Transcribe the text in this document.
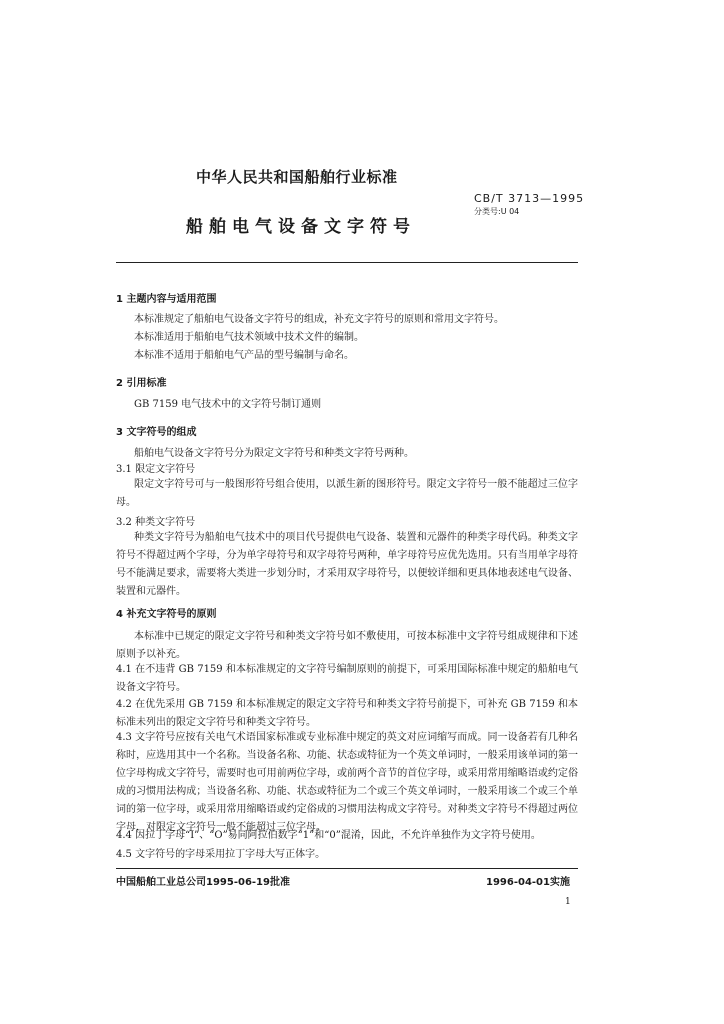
中华人民共和国船舶行业标准
CB/T 3713—1995
分类号:U 04
船舶电气设备文字符号
1 主题内容与适用范围
本标准规定了船舶电气设备文字符号的组成，补充文字符号的原则和常用文字符号。
本标准适用于船舶电气技术领域中技术文件的编制。
本标准不适用于船舶电气产品的型号编制与命名。
2 引用标准
GB 7159 电气技术中的文字符号制订通则
3 文字符号的组成
船舶电气设备文字符号分为限定文字符号和种类文字符号两种。
3.1 限定文字符号
限定文字符号可与一般图形符号组合使用，以派生新的图形符号。限定文字符号一般不能超过三位字母。
3.2 种类文字符号
种类文字符号为船舶电气技术中的项目代号提供电气设备、装置和元器件的种类字母代码。种类文字符号不得超过两个字母，分为单字母符号和双字母符号两种，单字母符号应优先选用。只有当用单字母符号不能满足要求，需要将大类进一步划分时，才采用双字母符号，以便较详细和更具体地表述电气设备、装置和元器件。
4 补充文字符号的原则
本标准中已规定的限定文字符号和种类文字符号如不敷使用，可按本标准中文字符号组成规律和下述原则予以补充。
4.1 在不违背 GB 7159 和本标准规定的文字符号编制原则的前提下，可采用国际标准中规定的船舶电气设备文字符号。
4.2 在优先采用 GB 7159 和本标准规定的限定文字符号和种类文字符号前提下，可补充 GB 7159 和本标准未列出的限定文字符号和种类文字符号。
4.3 文字符号应按有关电气术语国家标准或专业标准中规定的英文对应词缩写而成。同一设备若有几种名称时，应选用其中一个名称。当设备名称、功能、状态或特征为一个英文单词时，一般采用该单词的第一位字母构成文字符号，需要时也可用前两位字母，或前两个音节的首位字母，或采用常用缩略语或约定俗成的习惯用法构成；当设备名称、功能、状态或特征为二个或三个英文单词时，一般采用该二个或三个单词的第一位字母，或采用常用缩略语或约定俗成的习惯用法构成文字符号。对种类文字符号不得超过两位字母，对限定文字符号一般不能超过三位字母。
4.4 因拉丁字母“I”、“O”易同阿拉伯数字“1”和“0”混淆，因此，不允许单独作为文字符号使用。
4.5 文字符号的字母采用拉丁字母大写正体字。
中国船舶工业总公司1995-06-19批准	1996-04-01实施
1
